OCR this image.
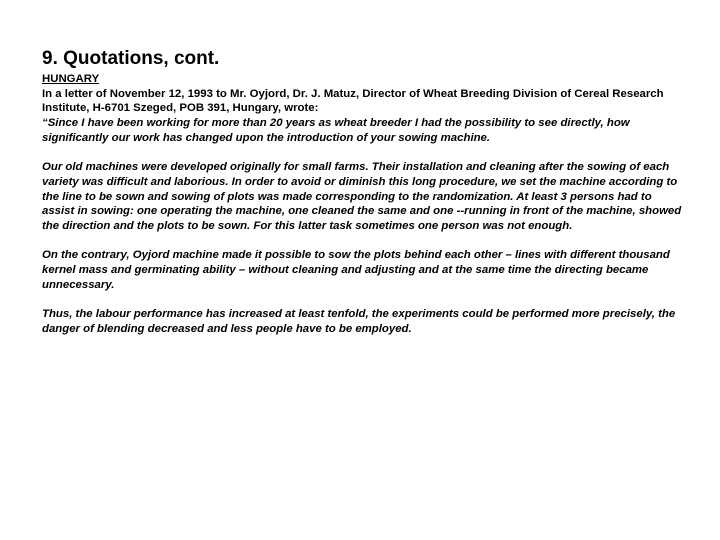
9. Quotations, cont.

HUNGARY

In a letter of November 12, 1993 to Mr. Oyjord, Dr. J. Matuz, Director of Wheat Breeding Division of Cereal Research Institute, H-6701 Szeged, POB 391, Hungary, wrote:

“Since I have been working for more than 20 years as wheat breeder I had the possibility to see directly, how significantly our work has changed upon the introduction of your sowing machine.

Our old machines were developed originally for small farms. Their installation and cleaning after the sowing of each variety was difficult and laborious. In order to avoid or diminish this long procedure, we set the machine according to the line to be sown and sowing of plots was made corresponding to the randomization. At least 3 persons had to assist in sowing: one operating the machine, one cleaned the same and one --running in front of the machine, showed the direction and the plots to be sown. For this latter task sometimes one person was not enough.

On the contrary, Oyjord machine made it possible to sow the plots behind each other – lines with different thousand kernel mass and germinating ability – without cleaning and adjusting and at the same time the directing became unnecessary.

Thus, the labour performance has increased at least tenfold, the experiments could be performed more precisely, the danger of blending decreased and less people have to be employed.
